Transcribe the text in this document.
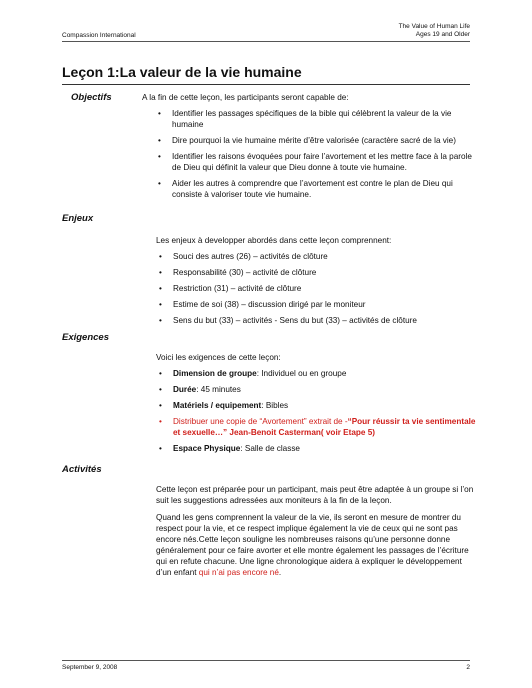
Compassion International
The Value of Human Life
Ages 19 and Older
Leçon 1:La valeur de la vie humaine
Objectifs	A la fin de cette leçon, les participants seront capable de:
• Identifier les passages spécifiques de la bible qui célèbrent la valeur de la vie humaine
• Dire pourquoi la vie humaine mérite d’être valorisée (caractère sacré de la vie)
• Identifier les raisons évoquées pour faire l’avortement et les mettre face à la parole de Dieu qui définit la valeur que Dieu donne à toute vie humaine.
• Aider les autres à comprendre que l’avortement est contre le plan de Dieu qui consiste à valoriser toute vie humaine.
Enjeux
Les enjeux à developper abordés dans cette leçon comprennent:
• Souci des autres (26) – activités de clôture
• Responsabilité (30) – activité de clôture
• Restriction (31) – activité de clôture
• Estime de soi (38) – discussion dirigé par le moniteur
• Sens du but (33) – activités - Sens du but (33) – activités de clôture
Exigences
Voici les exigences de cette leçon:
• Dimension de groupe: Individuel ou en groupe
• Durée: 45 minutes
• Matériels / equipement: Bibles
• Distribuer une copie de “Avortement” extrait de -“Pour réussir ta vie sentimentale et sexuelle…” Jean-Benoit Casterman( voir Etape 5)
• Espace Physique: Salle de classe
Activités

Cette leçon est préparée pour un participant, mais peut être adaptée à un groupe si l’on suit les suggestions adressées aux moniteurs à la fin de la leçon.

Quand les gens comprennent la valeur de la vie, ils seront en mesure de montrer du respect pour la vie, et ce respect implique également la vie de ceux qui ne sont pas encore nés.Cette leçon souligne les nombreuses raisons qu’une personne donne généralement pour ce faire avorter et elle montre également les passages de l’écriture qui en refute chacune. Une ligne chronologique aidera à expliquer le développement d’un enfant qui n’ai pas encore né.

September 9, 2008	2
